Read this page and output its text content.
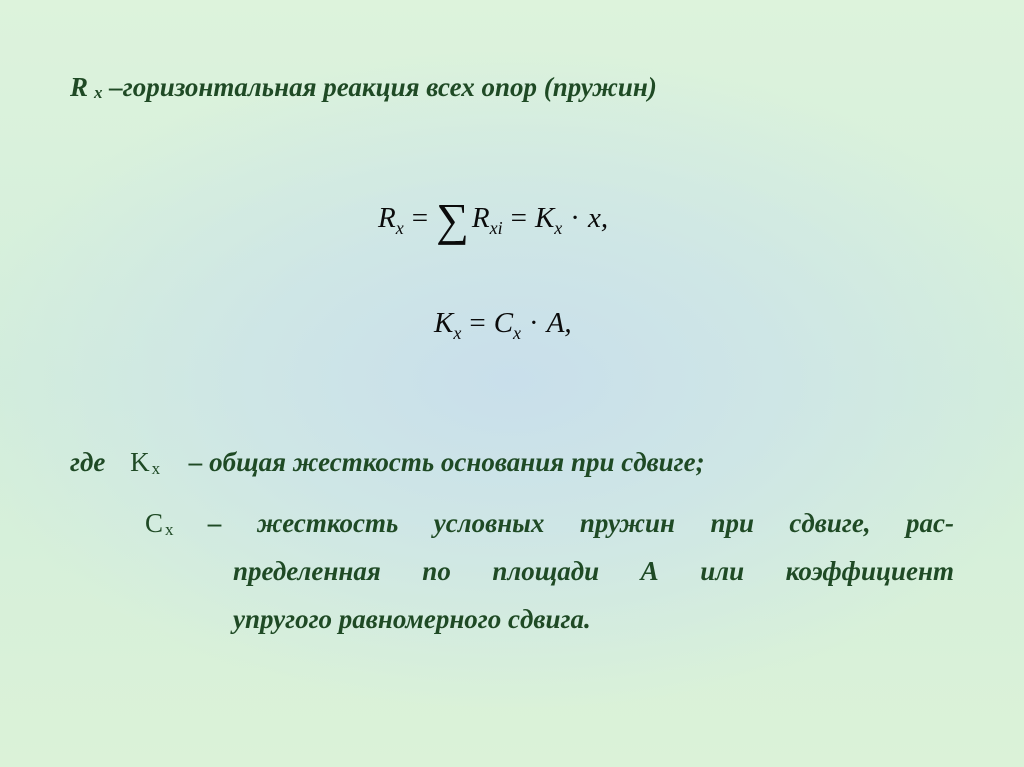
Rx –горизонтальная реакция всех опор (пружин)
$R_x$ = ∑ $R_{xi} = K_x \cdot x$,
$K_x = C_x \cdot A$,
где K x – общая жесткость основания при сдвиге;
Cx – жесткость условных пружин при сдвиге, рас-
пределенная по площади А или коэффициент
упругого равномерного сдвига.
